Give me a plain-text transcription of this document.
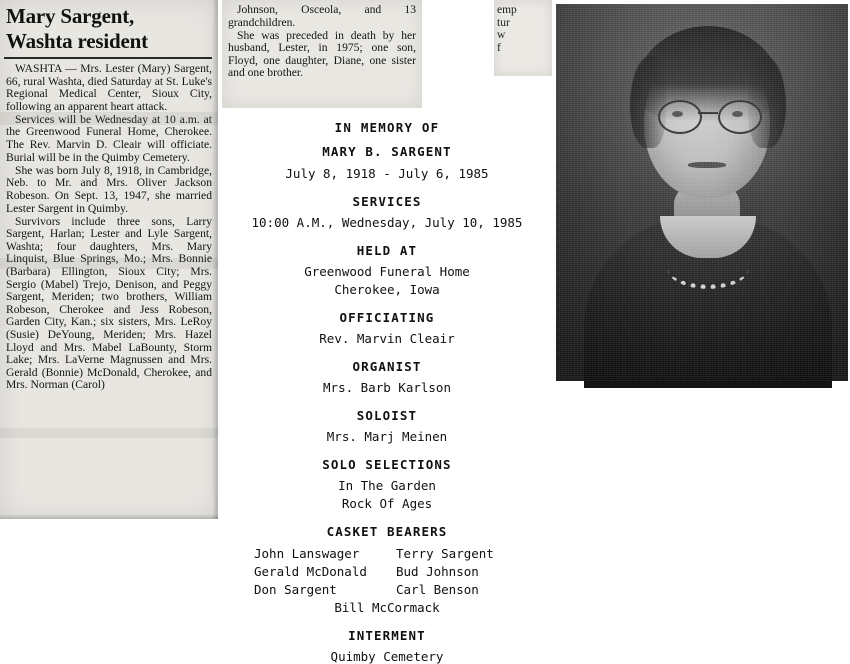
Mary Sargent,
Washta resident

WASHTA — Mrs. Lester (Mary) Sargent, 66, rural Washta, died Saturday at St. Luke's Regional Medical Center, Sioux City, following an apparent heart attack.

Services will be Wednesday at 10 a.m. at the Greenwood Funeral Home, Cherokee. The Rev. Marvin D. Cleair will officiate. Burial will be in the Quimby Cemetery.

She was born July 8, 1918, in Cambridge, Neb. to Mr. and Mrs. Oliver Jackson Robeson. On Sept. 13, 1947, she married Lester Sargent in Quimby.

Survivors include three sons, Larry Sargent, Harlan; Lester and Lyle Sargent, Washta; four daughters, Mrs. Mary Linquist, Blue Springs, Mo.; Mrs. Bonnie (Barbara) Ellington, Sioux City; Mrs. Sergio (Mabel) Trejo, Denison, and Peggy Sargent, Meriden; two brothers, William Robeson, Cherokee and Jess Robeson, Garden City, Kan.; six sisters, Mrs. LeRoy (Susie) DeYoung, Meriden; Mrs. Hazel Lloyd and Mrs. Mabel LaBounty, Storm Lake; Mrs. LaVerne Magnussen and Mrs. Gerald (Bonnie) McDonald, Cherokee, and Mrs. Norman (Carol)

Johnson, Osceola, and 13 grandchildren.

She was preceded in death by her husband, Lester, in 1975; one son, Floyd, one daughter, Diane, one sister and one brother.

emp
tur
w
f
IN MEMORY OF
MARY B. SARGENT
July 8, 1918 - July 6, 1985
SERVICES
10:00 A.M., Wednesday, July 10, 1985
HELD AT
Greenwood Funeral Home
Cherokee, Iowa
OFFICIATING
Rev. Marvin Cleair
ORGANIST
Mrs. Barb Karlson
SOLOIST
Mrs. Marj Meinen
SOLO SELECTIONS
In The Garden
Rock Of Ages
CASKET BEARERS
John Lanswager	Terry Sargent
Gerald McDonald	Bud Johnson
Don Sargent	Carl Benson
Bill McCormack
INTERMENT
Quimby Cemetery
